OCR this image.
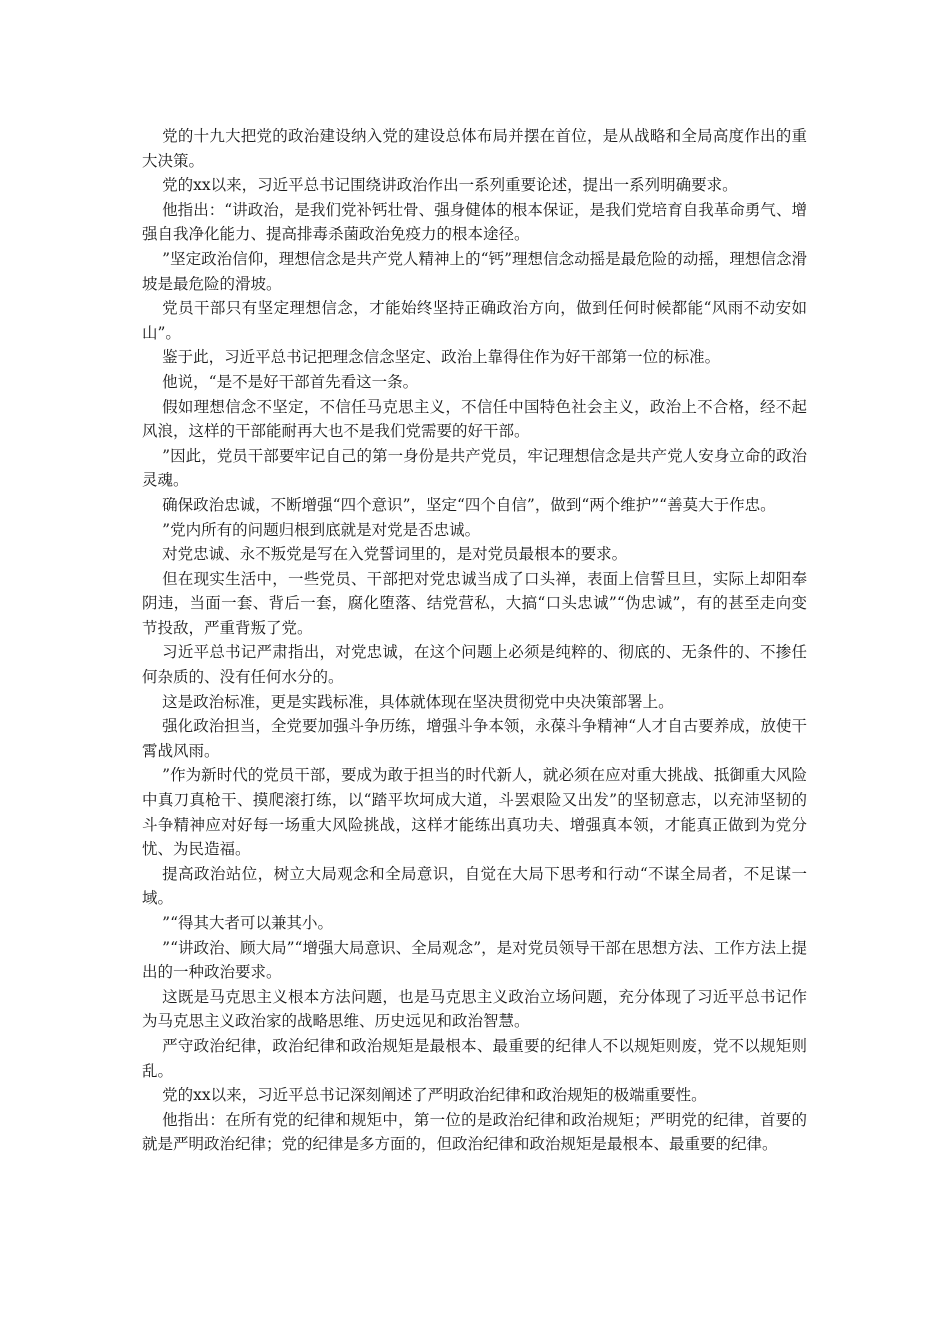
党的十九大把党的政治建设纳入党的建设总体布局并摆在首位，是从战略和全局高度作出的重大决策。

党的xx以来，习近平总书记围绕讲政治作出一系列重要论述，提出一系列明确要求。

他指出：“讲政治，是我们党补钙壮骨、强身健体的根本保证，是我们党培育自我革命勇气、增强自我净化能力、提高排毒杀菌政治免疫力的根本途径。

”坚定政治信仰，理想信念是共产党人精神上的“钙”理想信念动摇是最危险的动摇，理想信念滑坡是最危险的滑坡。

党员干部只有坚定理想信念，才能始终坚持正确政治方向，做到任何时候都能“风雨不动安如山”。

鉴于此，习近平总书记把理念信念坚定、政治上靠得住作为好干部第一位的标准。

他说，“是不是好干部首先看这一条。

假如理想信念不坚定，不信任马克思主义，不信任中国特色社会主义，政治上不合格，经不起风浪，这样的干部能耐再大也不是我们党需要的好干部。

”因此，党员干部要牢记自己的第一身份是共产党员，牢记理想信念是共产党人安身立命的政治灵魂。

确保政治忠诚，不断增强“四个意识”，坚定“四个自信”，做到“两个维护”“善莫大于作忠。

”党内所有的问题归根到底就是对党是否忠诚。

对党忠诚、永不叛党是写在入党誓词里的，是对党员最根本的要求。

但在现实生活中，一些党员、干部把对党忠诚当成了口头禅，表面上信誓旦旦，实际上却阳奉阴违，当面一套、背后一套，腐化堕落、结党营私，大搞“口头忠诚”“伪忠诚”，有的甚至走向变节投敌，严重背叛了党。

习近平总书记严肃指出，对党忠诚，在这个问题上必须是纯粹的、彻底的、无条件的、不掺任何杂质的、没有任何水分的。

这是政治标准，更是实践标准，具体就体现在坚决贯彻党中央决策部署上。

强化政治担当，全党要加强斗争历练，增强斗争本领，永葆斗争精神“人才自古要养成，放使干霄战风雨。

”作为新时代的党员干部，要成为敢于担当的时代新人，就必须在应对重大挑战、抵御重大风险中真刀真枪干、摸爬滚打练，以“踏平坎坷成大道，斗罢艰险又出发”的坚韧意志，以充沛坚韧的斗争精神应对好每一场重大风险挑战，这样才能练出真功夫、增强真本领，才能真正做到为党分忧、为民造福。

提高政治站位，树立大局观念和全局意识，自觉在大局下思考和行动“不谋全局者，不足谋一域。

”“得其大者可以兼其小。

”“讲政治、顾大局”“增强大局意识、全局观念”，是对党员领导干部在思想方法、工作方法上提出的一种政治要求。

这既是马克思主义根本方法问题，也是马克思主义政治立场问题，充分体现了习近平总书记作为马克思主义政治家的战略思维、历史远见和政治智慧。

严守政治纪律，政治纪律和政治规矩是最根本、最重要的纪律人不以规矩则废，党不以规矩则乱。

党的xx以来，习近平总书记深刻阐述了严明政治纪律和政治规矩的极端重要性。

他指出：在所有党的纪律和规矩中，第一位的是政治纪律和政治规矩；严明党的纪律，首要的就是严明政治纪律；党的纪律是多方面的，但政治纪律和政治规矩是最根本、最重要的纪律。
